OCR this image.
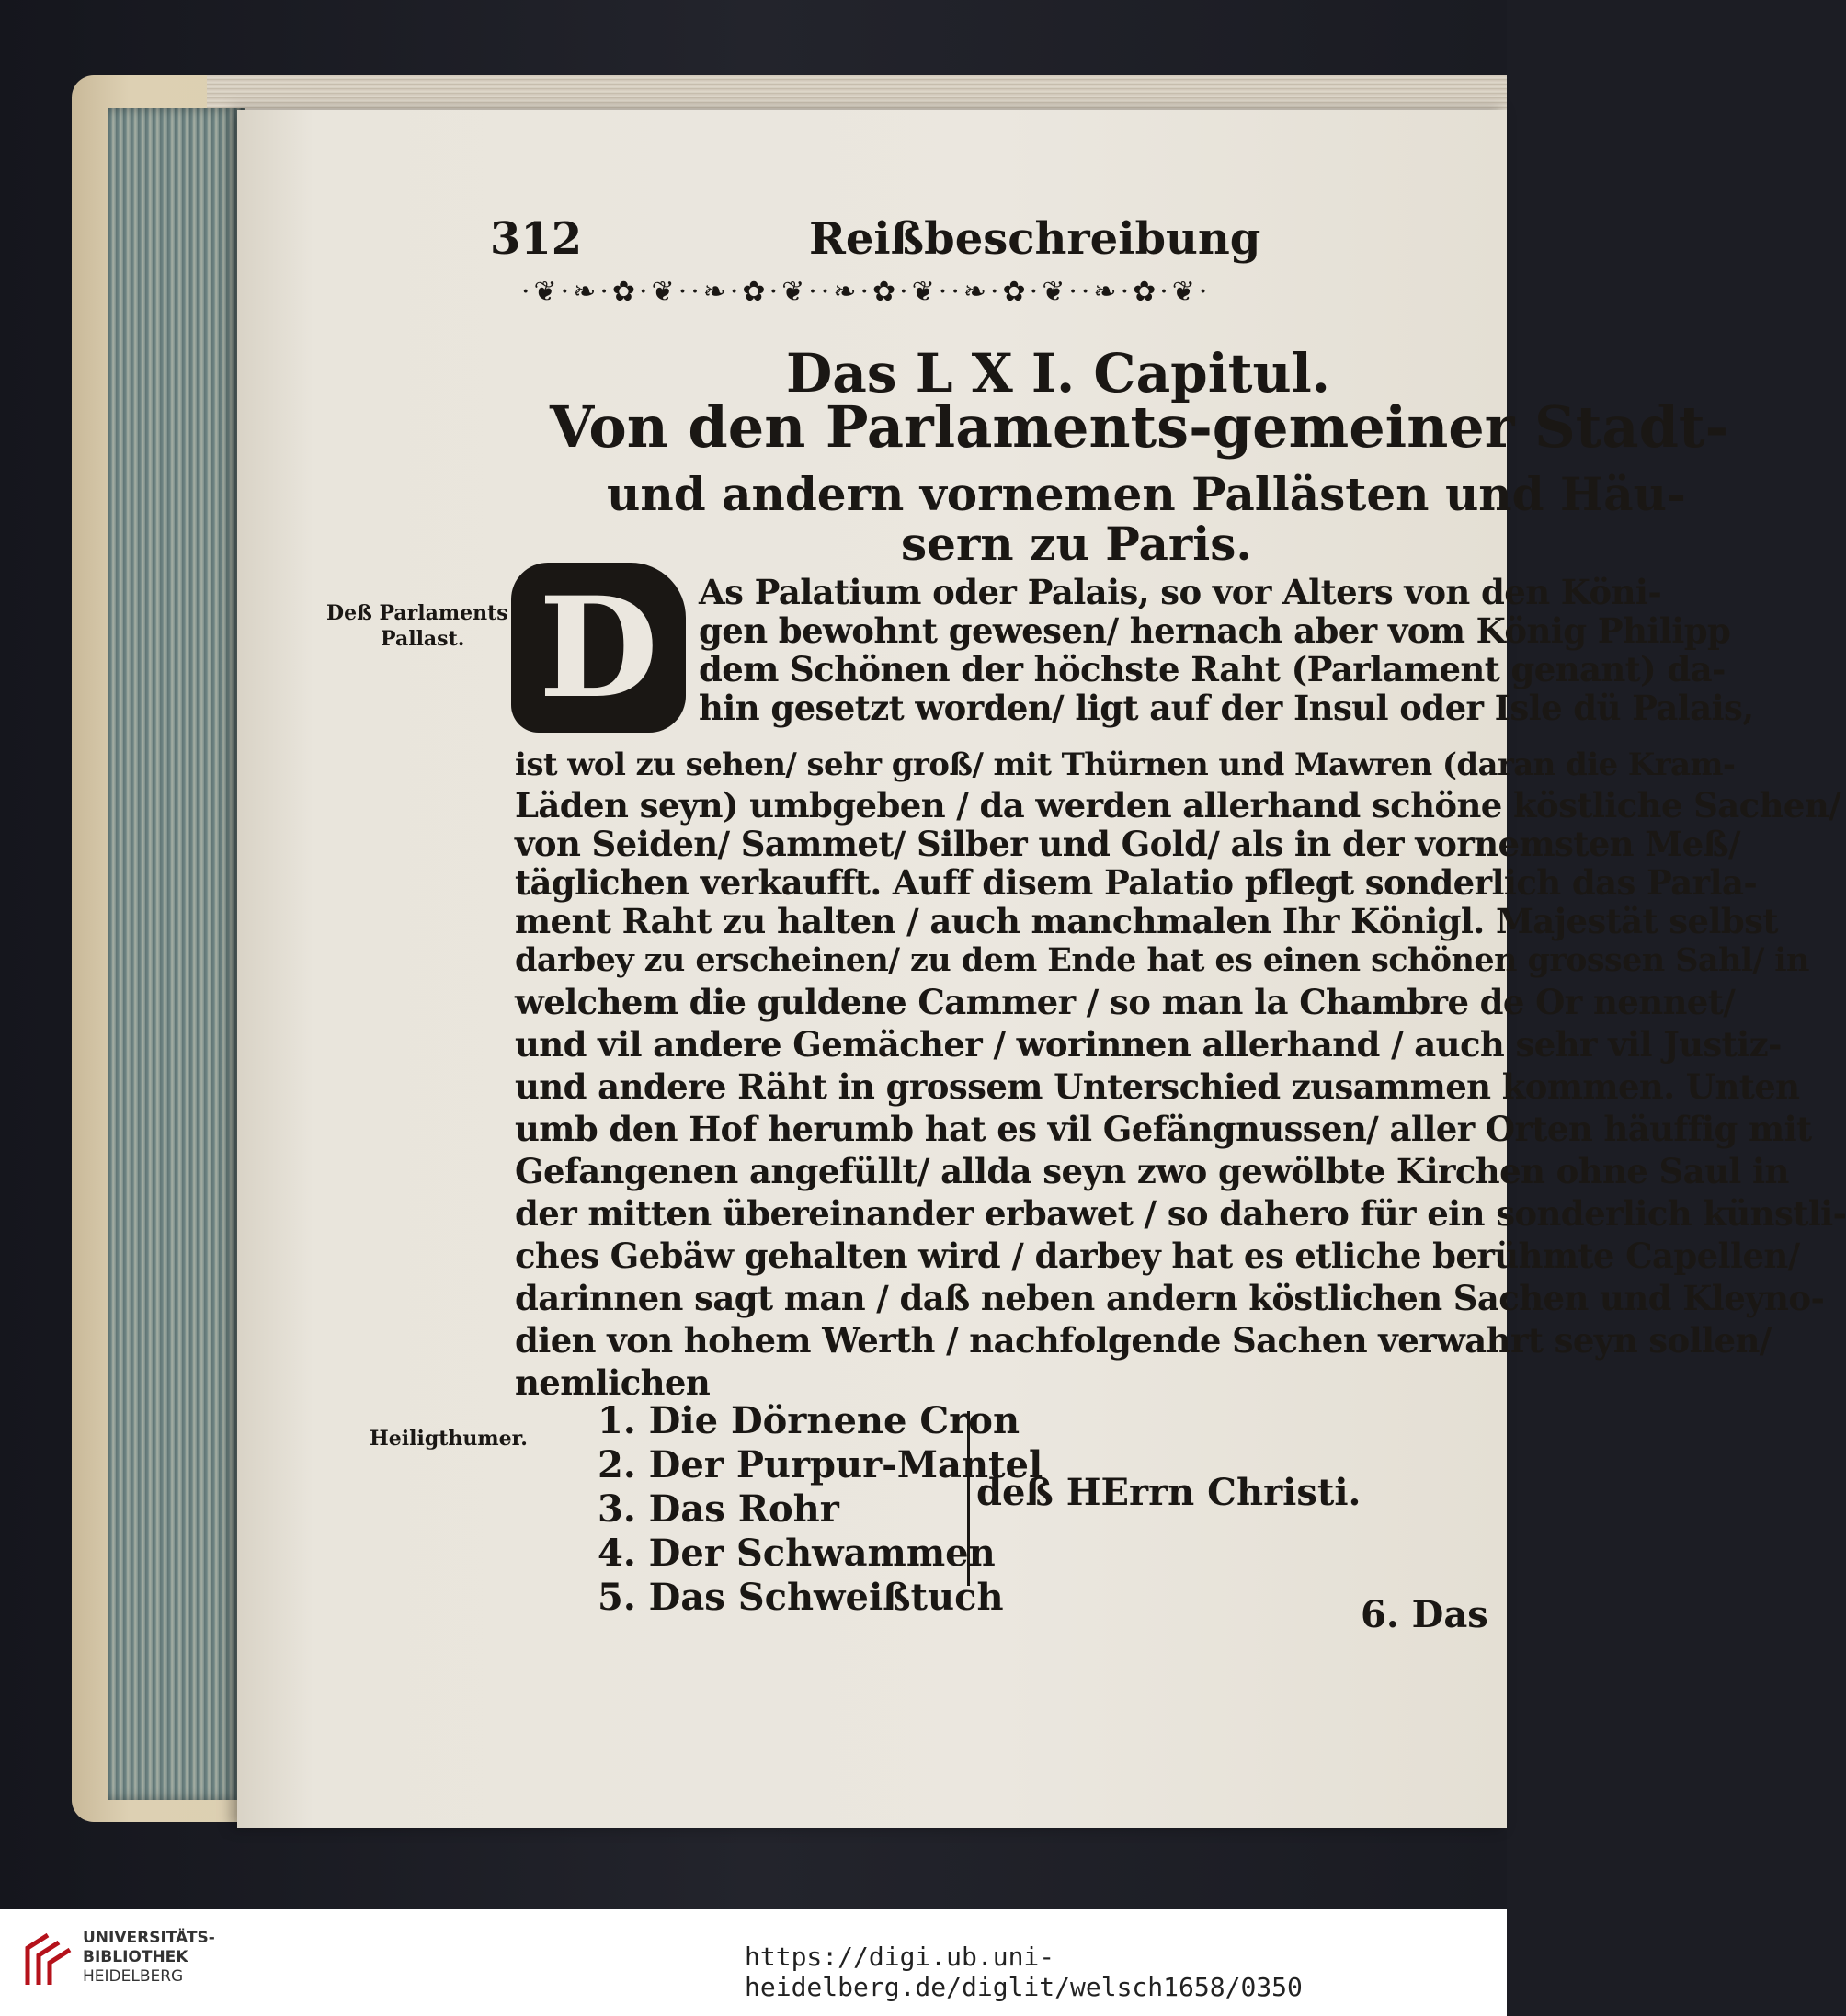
312	Reißbeschreibung
·❦·❧·✿·❦··❧·✿·❦··❧·✿·❦··❧·✿·❦··❧·✿·❦·
Das L X I. Capitul.
Von den Parlaments-gemeiner Stadt-
und andern vornemen Pallästen und Häu-
sern zu Paris.
Deß Parlaments
Pallast. D	As Palatium oder Palais, so vor Alters von den Köni-
gen bewohnt gewesen/ hernach aber vom König Philipp
dem Schönen der höchste Raht (Parlament genant) da-
hin gesetzt worden/ ligt auf der Insul oder Isle dü Palais,
ist wol zu sehen/ sehr groß/ mit Thürnen und Mawren (daran die Kram-
Läden seyn) umbgeben / da werden allerhand schöne köstliche Sachen/
von Seiden/ Sammet/ Silber und Gold/ als in der vornemsten Meß/
täglichen verkaufft. Auff disem Palatio pflegt sonderlich das Parla-
ment Raht zu halten / auch manchmalen Ihr Königl. Majestät selbst
darbey zu erscheinen/ zu dem Ende hat es einen schönen grossen Sahl/ in
welchem die guldene Cammer / so man la Chambre de Or nennet/
und vil andere Gemächer / worinnen allerhand / auch sehr vil Justiz-
und andere Räht in grossem Unterschied zusammen kommen. Unten
umb den Hof herumb hat es vil Gefängnussen/ aller Orten häuffig mit
Gefangenen angefüllt/ allda seyn zwo gewölbte Kirchen ohne Saul in
der mitten übereinander erbawet / so dahero für ein sonderlich künstli-
ches Gebäw gehalten wird / darbey hat es etliche berühmte Capellen/
darinnen sagt man / daß neben andern köstlichen Sachen und Kleyno-
dien von hohem Werth / nachfolgende Sachen verwahrt seyn sollen/
nemlichen
Heiligthumer. 1. Die Dörnene Cron
2. Der Purpur-Mantel
3. Das Rohr
4. Der Schwammen
5. Das Schweißtuch
deß HErrn Christi.
6. Das
UNIVERSITÄTS-
BIBLIOTHEK
HEIDELBERG
https://digi.ub.uni-heidelberg.de/diglit/welsch1658/0350
